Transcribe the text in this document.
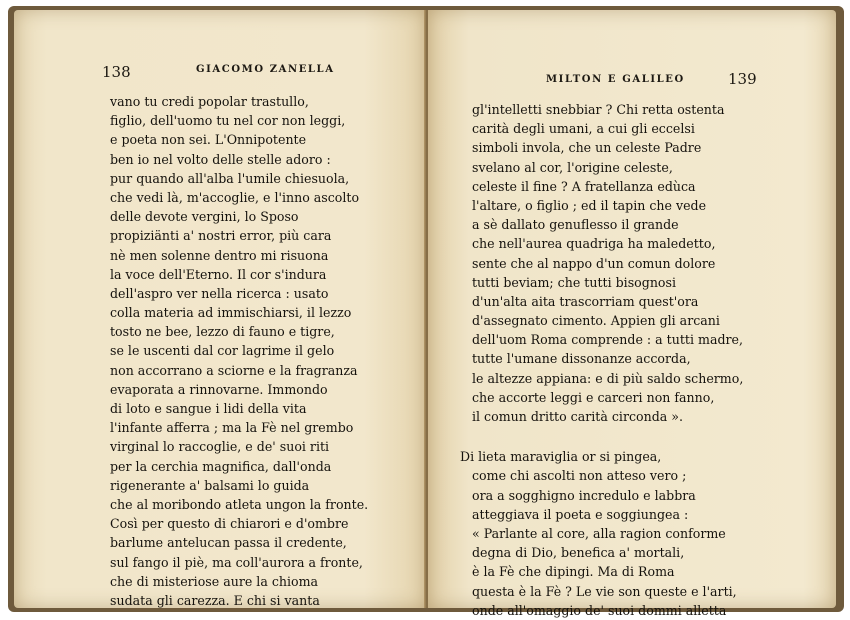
138	GIACOMO ZANELLA
vano tu credi popolar trastullo,
figlio, dell'uomo tu nel cor non leggi,
e poeta non sei. L'Onnipotente
ben io nel volto delle stelle adoro :
pur quando all'alba l'umile chiesuola,
che vedi là, m'accoglie, e l'inno ascolto
delle devote vergini, lo Sposo
propiziänti a' nostri error, più cara
nè men solenne dentro mi risuona
la voce dell'Eterno. Il cor s'indura
dell'aspro ver nella ricerca : usato
colla materia ad immischiarsi, il lezzo
tosto ne bee, lezzo di fauno e tigre,
se le uscenti dal cor lagrime il gelo
non accorrano a sciorne e la fragranza
evaporata a rinnovarne. Immondo
di loto e sangue i lidi della vita
l'infante afferra ; ma la Fè nel grembo
virginal lo raccoglie, e de' suoi riti
per la cerchia magnifica, dall'onda
rigenerante a' balsami lo guida
che al moribondo atleta ungon la fronte.
Così per questo di chiarori e d'ombre
barlume antelucan passa il credente,
sul fango il piè, ma coll'aurora a fronte,
che di misteriose aure la chioma
sudata gli carezza. E chi si vanta
MILTON E GALILEO	139
gl'intelletti snebbiar ? Chi retta ostenta
carità degli umani, a cui gli eccelsi
simboli invola, che un celeste Padre
svelano al cor, l'origine celeste,
celeste il fine ? A fratellanza edùca
l'altare, o figlio ; ed il tapin che vede
a sè dallato genuflesso il grande
che nell'aurea quadriga ha maledetto,
sente che al nappo d'un comun dolore
tutti beviam; che tutti bisognosi
d'un'alta aita trascorriam quest'ora
d'assegnato cimento. Appien gli arcani
dell'uom Roma comprende : a tutti madre,
tutte l'umane dissonanze accorda,
le altezze appiana: e di più saldo schermo,
che accorte leggi e carceri non fanno,
il comun dritto carità circonda ».
Di lieta maraviglia or si pingea,
come chi ascolti non atteso vero ;
ora a sogghigno incredulo e labbra
atteggiava il poeta e soggiungea :
« Parlante al core, alla ragion conforme
degna di Dio, benefica a' mortali,
è la Fè che dipingi. Ma di Roma
questa è la Fè ? Le vie son queste e l'arti,
onde all'omaggio de' suoi dommi alletta
